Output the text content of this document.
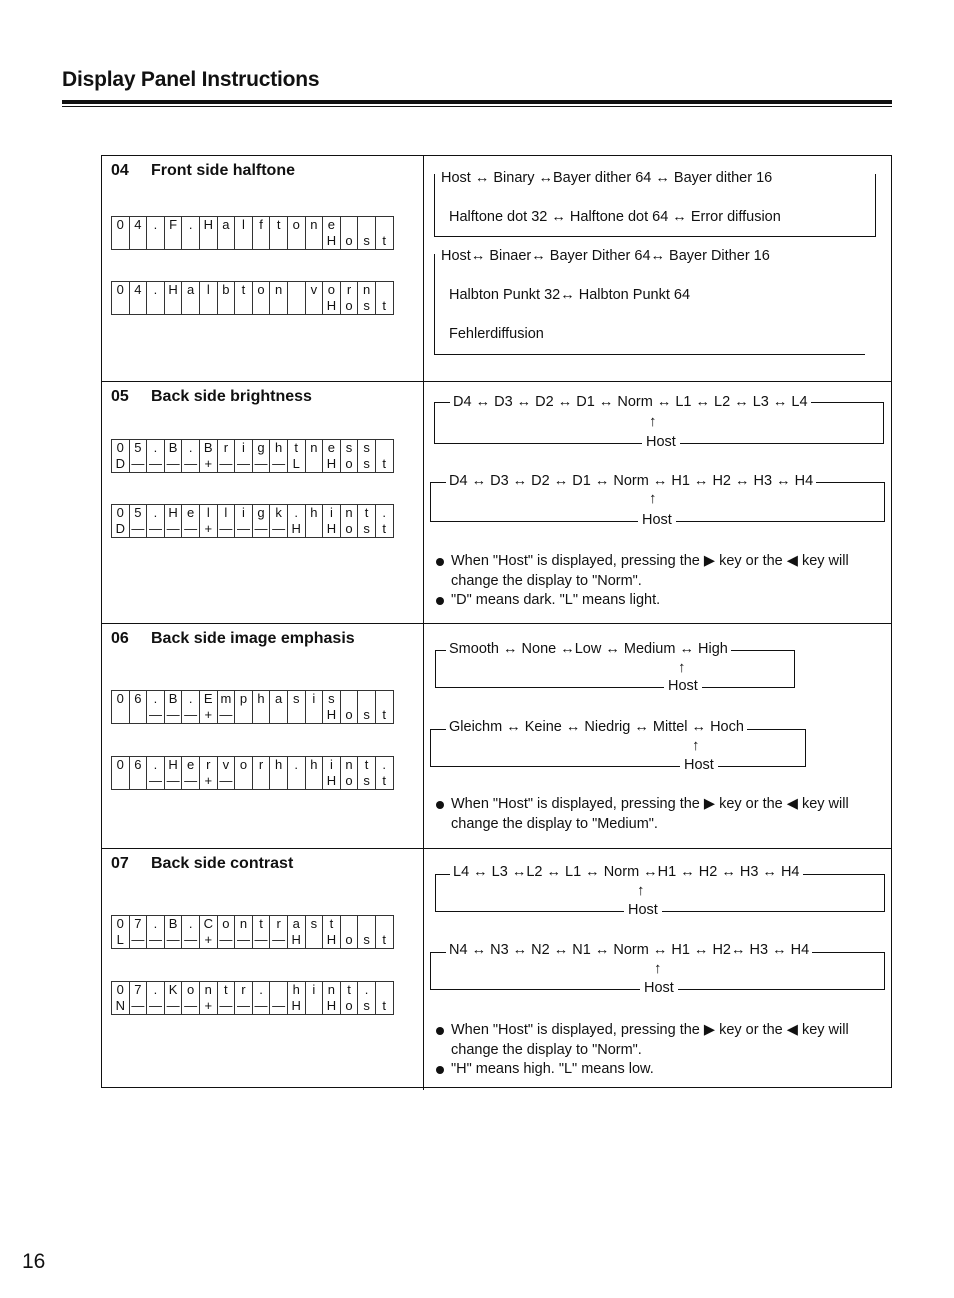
Display Panel Instructions
04 Front side halftone
0	4	.	F	.	H	a	l	f	t	o	n	e			
												H	o	s	t
0	4	.	H	a	l	b	t	o	n		v	o	r	n	
												H	o	s	t
Host ↔ Binary ↔Bayer dither 64 ↔ Bayer dither 16
Halftone dot 32 ↔ Halftone dot 64 ↔ Error diffusion
Host↔ Binaer↔ Bayer Dither 64↔ Bayer Dither 16
Halbton Punkt 32↔ Halbton Punkt 64
Fehlerdiffusion
05 Back side brightness
0	5	.	B	.	B	r	i	g	h	t	n	e	s	s	
D	—	—	—	—	+	—	—	—	—	L		H	o	s	t
0	5	.	H	e	l	l	i	g	k	.	h	i	n	t	.
D	—	—	—	—	+	—	—	—	—	H		H	o	s	t
D4 ↔ D3 ↔ D2 ↔ D1 ↔ Norm ↔ L1 ↔ L2 ↔ L3 ↔ L4
↑
Host
D4 ↔ D3 ↔ D2 ↔ D1 ↔ Norm ↔ H1 ↔ H2 ↔ H3 ↔ H4
↑
Host
When "Host" is displayed, pressing the ▶ key or the ◀ key will change the display to "Norm".
"D" means dark. "L" means light.
06 Back side image emphasis
0	6	.	B	.	E	m	p	h	a	s	i	s			
		—	—	—	+	—						H	o	s	t
0	6	.	H	e	r	v	o	r	h	.	h	i	n	t	.
		—	—	—	+	—						H	o	s	t
Smooth ↔ None ↔Low ↔ Medium ↔ High
↑
Host
Gleichm ↔ Keine ↔ Niedrig ↔ Mittel ↔ Hoch
↑
Host
When "Host" is displayed, pressing the ▶ key or the ◀ key will change the display to "Medium".
07 Back side contrast
0	7	.	B	.	C	o	n	t	r	a	s	t			
L	—	—	—	—	+	—	—	—	—	H		H	o	s	t
0	7	.	K	o	n	t	r	.		h	i	n	t	.	
N	—	—	—	—	+	—	—	—	—	H		H	o	s	t
L4 ↔ L3 ↔L2 ↔ L1 ↔ Norm ↔H1 ↔ H2 ↔ H3 ↔ H4
↑
Host
N4 ↔ N3 ↔ N2 ↔ N1 ↔ Norm ↔ H1 ↔ H2↔ H3 ↔ H4
↑
Host
When "Host" is displayed, pressing the ▶ key or the ◀ key will change the display to "Norm".
"H" means high. "L" means low.
16
